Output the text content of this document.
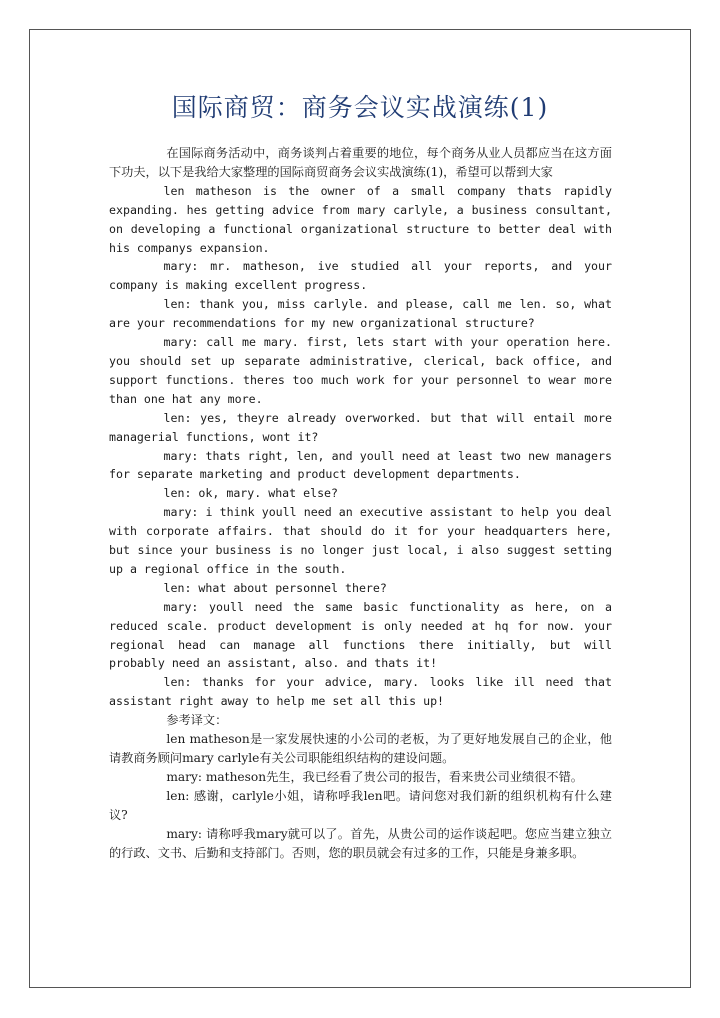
国际商贸：商务会议实战演练(1)

在国际商务活动中，商务谈判占着重要的地位，每个商务从业人员都应当在这方面下功夫，以下是我给大家整理的国际商贸商务会议实战演练(1)，希望可以帮到大家

len matheson is the owner of a small company thats rapidly expanding. hes getting advice from mary carlyle, a business consultant, on developing a functional organizational structure to better deal with his companys expansion.

mary: mr. matheson, ive studied all your reports, and your company is making excellent progress.

len: thank you, miss carlyle. and please, call me len. so, what are your recommendations for my new organizational structure?

mary: call me mary. first, lets start with your operation here. you should set up separate administrative, clerical, back office, and support functions. theres too much work for your personnel to wear more than one hat any more.

len: yes, theyre already overworked. but that will entail more managerial functions, wont it?

mary: thats right, len, and youll need at least two new managers for separate marketing and product development departments.

len: ok, mary. what else?

mary: i think youll need an executive assistant to help you deal with corporate affairs. that should do it for your headquarters here, but since your business is no longer just local, i also suggest setting up a regional office in the south.

len: what about personnel there?

mary: youll need the same basic functionality as here, on a reduced scale. product development is only needed at hq for now. your regional head can manage all functions there initially, but will probably need an assistant, also. and thats it!

len: thanks for your advice, mary. looks like ill need that assistant right away to help me set all this up!

参考译文：

len matheson是一家发展快速的小公司的老板，为了更好地发展自己的企业，他请教商务顾问mary carlyle有关公司职能组织结构的建设问题。

mary: matheson先生，我已经看了贵公司的报告，看来贵公司业绩很不错。

len: 感谢，carlyle小姐，请称呼我len吧。请问您对我们新的组织机构有什么建议?

mary: 请称呼我mary就可以了。首先，从贵公司的运作谈起吧。您应当建立独立的行政、文书、后勤和支持部门。否则，您的职员就会有过多的工作，只能是身兼多职。
